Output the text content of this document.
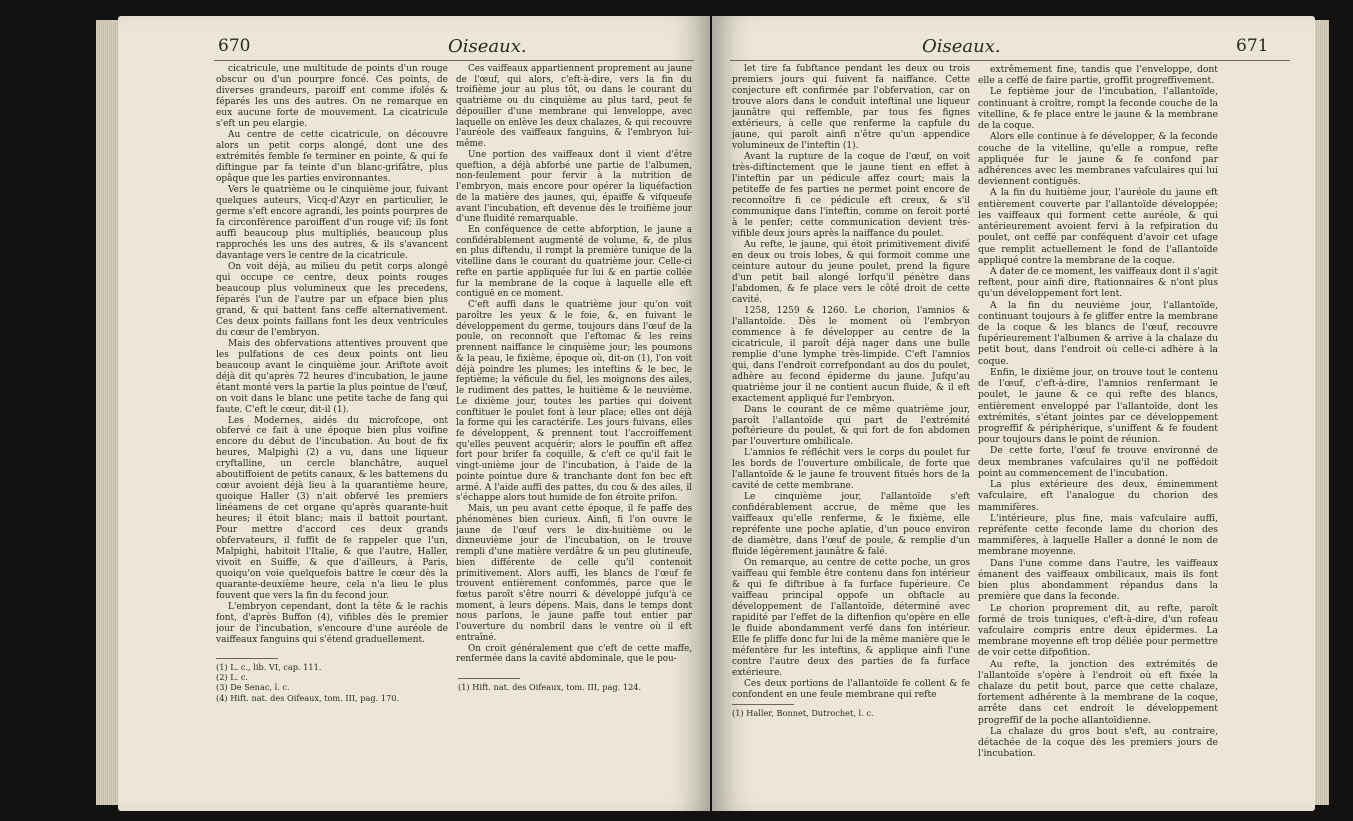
670	Oiseaux.

cicatricule, une multitude de points d'un rouge obscur ou d'un pourpre foncé. Ces points, de diverses grandeurs, paroiff ent comme ifolés & féparés les uns des autres. On ne remarque en eux aucune forte de mouvement. La cicatricule s'eft un peu elargie.

Au centre de cette cicatricule, on découvre alors un petit corps alongé, dont une des extrémités femble fe terminer en pointe, & qui fe diftingue par fa teinte d'un blanc-grifâtre, plus opâque que les parties environnantes.

Vers le quatrième ou le cinquième jour, fuivant quelques auteurs, Vicq-d'Azyr en particulier, le germe s'eft encore agrandi, les points pourpres de fa circonférence paroiffent d'un rouge vif; ils font auffi beaucoup plus multipliés, beaucoup plus rapprochés les uns des autres, & ils s'avancent davantage vers le centre de la cicatricule.

On voit déjà, au milieu du petit corps alongé qui occupe ce centre, deux points rouges beaucoup plus volumineux que les precedens, féparés l'un de l'autre par un efpace bien plus grand, & qui battent fans ceffe alternativement. Ces deux points faillans font les deux ventricules du cœur de l'embryon.

Mais des obfervations attentives prouvent que les pulfations de ces deux points ont lieu beaucoup avant le cinquième jour. Ariftote avoit déjà dit qu'après 72 heures d'incubation, le jaune étant monté vers la partie la plus pointue de l'œuf, on voit dans le blanc une petite tache de fang qui faute. C'eft le cœur, dit-il (1).

Les Modernes, aidés du microfcope, ont obfervé ce fait à une époque bien plus voifine encore du début de l'incubation. Au bout de fix heures, Malpighi (2) a vu, dans une liqueur cryftalline, un cercle blanchâtre, auquel aboutiffoient de petits canaux, & les battemens du cœur avoient déjà lieu à la quarantième heure, quoique Haller (3) n'ait obfervé les premiers linéamens de cet organe qu'après quarante-huit heures; il étoit blanc; mais il battoit pourtant. Pour mettre d'accord ces deux grands obfervateurs, il fuffit de fe rappeler que l'un, Malpighi, habitoit l'Italie, & que l'autre, Haller, vivoit en Suiffe, & que d'ailleurs, à Paris, quoiqu'on voie quelquefois battre le cœur dès la quarante-deuxième heure, cela n'a lieu le plus fouvent que vers la fin du fecond jour.

L'embryon cependant, dont la tête & le rachis font, d'après Buffon (4), vifibles dès le premier jour de l'incubation, s'encoure d'une auréole de vaiffeaux fanguins qui s'étend graduellement.

(1) L. c., lib. VI, cap. 111.
(2) L. c.
(3) De Senac, l. c.
(4) Hift. nat. des Oifeaux, tom. III, pag. 170.

Ces vaiffeaux appartiennent proprement au jaune de l'œuf, qui alors, c'eft-à-dire, vers la fin du troifième jour au plus tôt, ou dans le courant du quatrième ou du cinquième au plus tard, peut fe dépouiller d'une membrane qui lenveloppe, avec laquelle on enlève les deux chalazes, & qui recouvre l'auréole des vaiffeaux fanguins, & l'embryon lui-même.

Une portion des vaiffeaux dont il vient d'être queftion, a déjà abforbé une partie de l'albumen, non-feulement pour fervir à la nutrition de l'embryon, mais encore pour opérer la liquéfaction de la matière des jaunes, qui, épaiffe & vifqueufe avant l'incubation, eft devenue dès le troifième jour d'une fluidité remarquable.

En conféquence de cette abforption, le jaune a confidérablement augmenté de volume, &, de plus en plus diftendu, il rompt la première tunique de la vitelline dans le courant du quatrième jour. Celle-ci refte en partie appliquée fur lui & en partie collée fur la membrane de la coque à laquelle elle eft contiguë en ce moment.

C'eft auffi dans le quatrième jour qu'on voit paroître les yeux & le foie, &, en fuivant le développement du germe, toujours dans l'œuf de la poule, on reconnoît que l'eftomac & les reins prennent naiffance le cinquième jour; les poumons & la peau, le fixième, époque où, dit-on (1), l'on voit déjà poindre les plumes; les inteftins & le bec, le feptième; la véficule du fiel, les moignons des ailes, le rudiment des pattes, le huitième & le neuvième. Le dixième jour, toutes les parties qui doivent conftituer le poulet font à leur place; elles ont déjà la forme qui les caractérife. Les jours fuivans, elles fe développent, & prennent tout l'accroiffement qu'elles peuvent acquérir; alors le pouffin eft affez fort pour brifer fa coquille, & c'eft ce qu'il fait le vingt-unième jour de l'incubation, à l'aide de la pointe pointue dure & tranchante dont fon bec eft armé. A l'aide auffi des pattes, du cou & des ailes, il s'échappe alors tout humide de fon étroite prifon.

Mais, un peu avant cette époque, il fe paffe des phénomènes bien curieux. Ainfi, fi l'on ouvre le jaune de l'œuf vers le dix-huitième ou le dixneuvième jour de l'incubation, on le trouve rempli d'une matière verdâtre & un peu glutineufe, bien différente de celle qu'il contenoit primitivement. Alors auffi, les blancs de l'œuf fe trouvent entièrement confommés, parce que le fœtus paroît s'être nourri & développé jufqu'à ce moment, à leurs dépens. Mais, dans le temps dont nous parlons, le jaune paffe tout entier par l'ouverture du nombril dans le ventre où il eft entraîné.

On croit généralement que c'eft de cette maffe, renfermée dans la cavité abdominale, que le pou-

(1) Hift. nat. des Oifeaux, tom. III, pag. 124.
Oiseaux.	671

let tire fa fubftance pendant les deux ou trois premiers jours qui fuivent fa naiffance. Cette conjecture eft confirmée par l'obfervation, car on trouve alors dans le conduit inteftinal une liqueur jaunâtre qui reffemble, par tous fes fignes extérieurs, à celle que renferme la capfule du jaune, qui paroît ainfi n'être qu'un appendice volumineux de l'inteftin (1).

Avant la rupture de la coque de l'œuf, on voit très-diftinctement que le jaune tient en effet à l'inteftin par un pédicule affez court; mais la petiteffe de fes parties ne permet point encore de reconnoître fi ce pédicule eft creux, & s'il communique dans l'inteftin, comme on feroit porté à le penfer; cette communication devient très-vifible deux jours après la naiffance du poulet.

Au refte, le jaune, qui étoit primitivement divifé en deux ou trois lobes, & qui formoit comme une ceinture autour du jeune poulet, prend la figure d'un petit bail alongé lorfqu'il pénètre dans l'abdomen, & fe place vers le côté droit de cette cavité.

1258, 1259 & 1260. Le chorion, l'amnios & l'allantoïde. Dès le moment où l'embryon commence à fe développer au centre de la cicatricule, il paroît déjà nager dans une bulle remplie d'une lymphe très-limpide. C'eft l'amnios qui, dans l'endroit correfpondant au dos du poulet, adhère au fecond épiderme du jaune. Jufqu'au quatrième jour il ne contient aucun fluide, & il eft exactement appliqué fur l'embryon.

Dans le courant de ce même quatrième jour, paroît l'allantoïde qui part de l'extrémité poftérieure du poulet, & qui fort de fon abdomen par l'ouverture ombilicale.

L'amnios fe réfléchit vers le corps du poulet fur les bords de l'ouverture ombilicale, de forte que l'allantoïde & le jaune fe trouvent fitués hors de la cavité de cette membrane.

Le cinquième jour, l'allantoïde s'eft confidérablement accrue, de même que les vaiffeaux qu'elle renferme, & le fixième, elle repréfente une poche aplatie, d'un pouce environ de diamètre, dans l'œuf de poule, & remplie d'un fluide légèrement jaunâtre & falé.

On remarque, au centre de cette poche, un gros vaiffeau qui femble être contenu dans fon intérieur & qui fe diftribue à fa furface fupérieure. Ce vaiffeau principal oppofe un obftacle au développement de l'allantoïde, déterminé avec rapidité par l'effet de la diftenfion qu'opère en elle le fluide abondamment verfé dans fon intérieur. Elle fe pliffe donc fur lui de la même manière que le méfentère fur les inteftins, & applique ainfi l'une contre l'autre deux des parties de fa furface extérieure.

Ces deux portions de l'allantoïde fe collent & fe confondent en une feule membrane qui refte

(1) Haller, Bonnet, Dutrochet, l. c.

extrêmement fine, tandis que l'enveloppe, dont elle a ceffé de faire partie, groffit progreffivement.

Le feptième jour de l'incubation, l'allantoïde, continuant à croître, rompt la feconde couche de la vitelline, & fe place entre le jaune & la membrane de la coque.

Alors elle continue à fe développer, & la feconde couche de la vitelline, qu'elle a rompue, refte appliquée fur le jaune & fe confond par adhérences avec les membranes vafculaires qui lui deviennent contiguës.

A la fin du huitième jour, l'auréole du jaune eft entièrement couverte par l'allantoïde développée; les vaiffeaux qui forment cette auréole, & qui antérieurement avoient fervi à la refpiration du poulet, ont ceffé par conféquent d'avoir cet ufage que remplit actuellement le fond de l'allantoïde appliqué contre la membrane de la coque.

A dater de ce moment, les vaiffeaux dont il s'agit reftent, pour ainfi dire, ftationnaires & n'ont plus qu'un développement fort lent.

A la fin du neuvième jour, l'allantoïde, continuant toujours à fe gliffer entre la membrane de la coque & les blancs de l'œuf, recouvre fupérieurement l'albumen & arrive à la chalaze du petit bout, dans l'endroit où celle-ci adhère à la coque.

Enfin, le dixième jour, on trouve tout le contenu de l'œuf, c'eft-à-dire, l'amnios renfermant le poulet, le jaune & ce qui refte des blancs, entièrement enveloppé par l'allantoïde, dont les extrémités, s'étant jointes par ce développement progreffif & périphérique, s'uniffent & fe foudent pour toujours dans le point de réunion.

De cette forte, l'œuf fe trouve environné de deux membranes vafculaires qu'il ne poffédoit point au commencement de l'incubation.

La plus extérieure des deux, éminemment vafculaire, eft l'analogue du chorion des mammifères.

L'intérieure, plus fine, mais vafculaire auffi, repréfente cette feconde lame du chorion des mammifères, à laquelle Haller a donné le nom de membrane moyenne.

Dans l'une comme dans l'autre, les vaiffeaux émanent des vaiffeaux ombilicaux, mais ils font bien plus abondamment répandus dans la première que dans la feconde.

Le chorion proprement dit, au refte, paroît formé de trois tuniques, c'eft-à-dire, d'un rofeau vafculaire compris entre deux épidermes. La membrane moyenne eft trop déliée pour permettre de voir cette difpofition.

Au refte, la jonction des extrémités de l'allantoïde s'opère à l'endroit où eft fixée la chalaze du petit bout, parce que cette chalaze, fortement adhérente à la membrane de la coque, arrête dans cet endroit le développement progreffif de la poche allantoïdienne.

La chalaze du gros bout s'eft, au contraire, détachée de la coque dès les premiers jours de l'incubation.
